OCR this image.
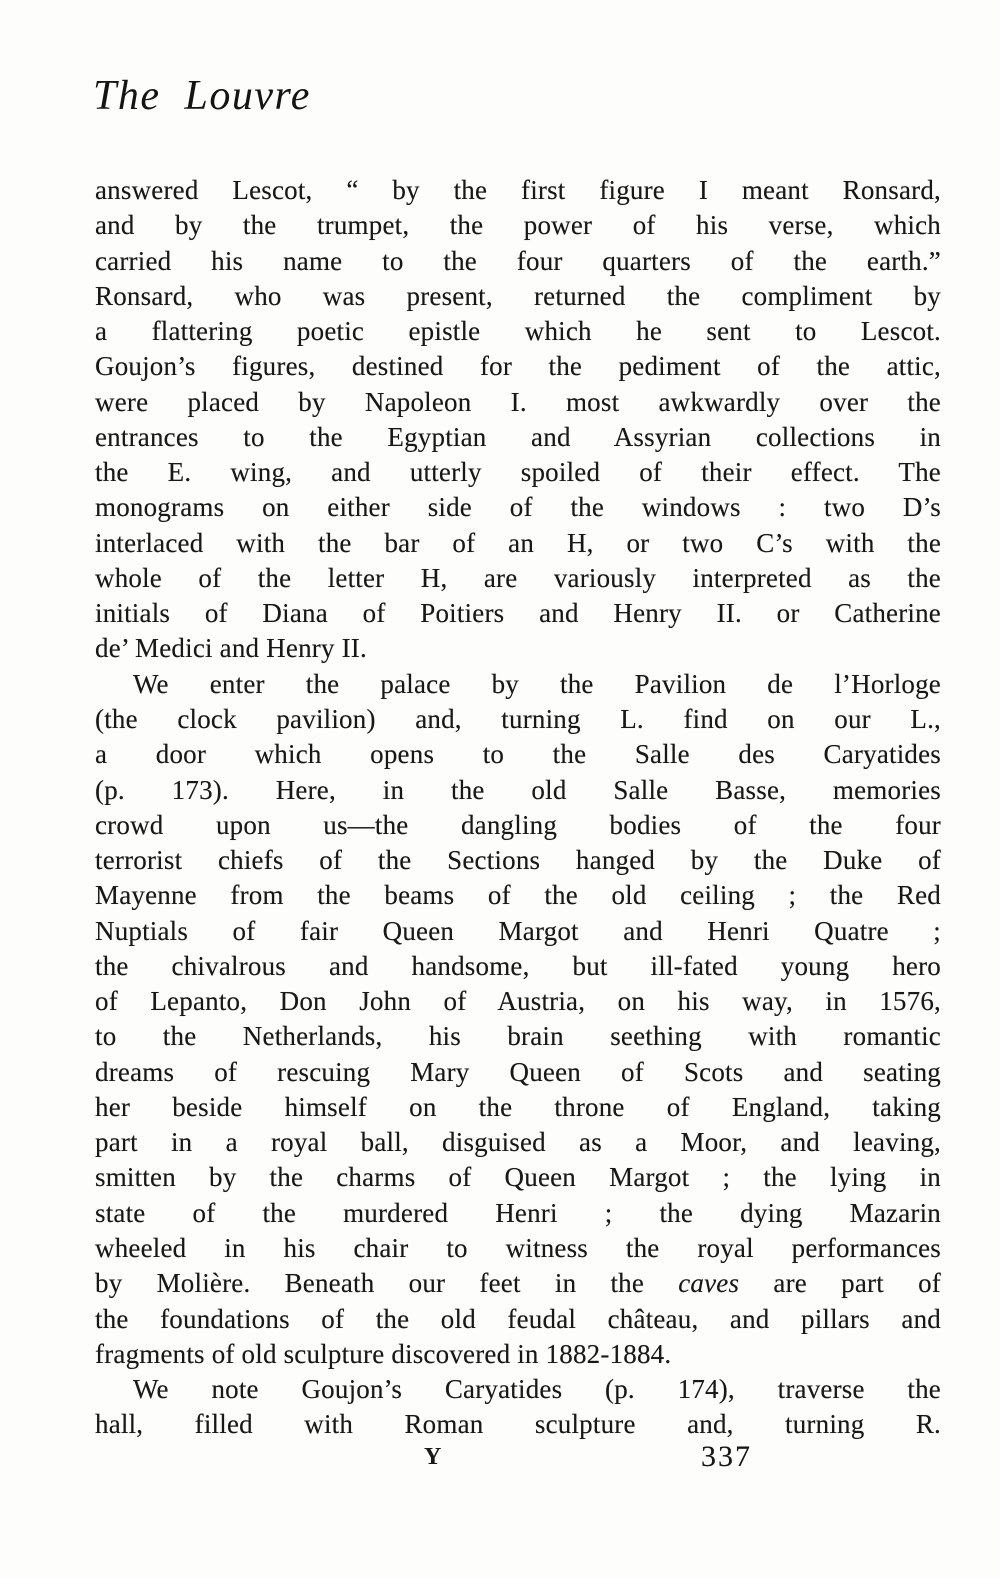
The Louvre
answered Lescot, “ by the first figure I meant Ronsard,
and by the trumpet, the power of his verse, which
carried his name to the four quarters of the earth.”
Ronsard, who was present, returned the compliment by
a flattering poetic epistle which he sent to Lescot.
Goujon’s figures, destined for the pediment of the attic,
were placed by Napoleon I. most awkwardly over the
entrances to the Egyptian and Assyrian collections in
the E. wing, and utterly spoiled of their effect. The
monograms on either side of the windows : two D’s
interlaced with the bar of an H, or two C’s with the
whole of the letter H, are variously interpreted as the
initials of Diana of Poitiers and Henry II. or Catherine
de’ Medici and Henry II.
We enter the palace by the Pavilion de l’Horloge
(the clock pavilion) and, turning L. find on our L.,
a door which opens to the Salle des Caryatides
(p. 173). Here, in the old Salle Basse, memories
crowd upon us—the dangling bodies of the four
terrorist chiefs of the Sections hanged by the Duke of
Mayenne from the beams of the old ceiling ; the Red
Nuptials of fair Queen Margot and Henri Quatre ;
the chivalrous and handsome, but ill-fated young hero
of Lepanto, Don John of Austria, on his way, in 1576,
to the Netherlands, his brain seething with romantic
dreams of rescuing Mary Queen of Scots and seating
her beside himself on the throne of England, taking
part in a royal ball, disguised as a Moor, and leaving,
smitten by the charms of Queen Margot ; the lying in
state of the murdered Henri ; the dying Mazarin
wheeled in his chair to witness the royal performances
by Molière. Beneath our feet in the caves are part of
the foundations of the old feudal château, and pillars and
fragments of old sculpture discovered in 1882-1884.
We note Goujon’s Caryatides (p. 174), traverse the
hall, filled with Roman sculpture and, turning R.
Y	337
